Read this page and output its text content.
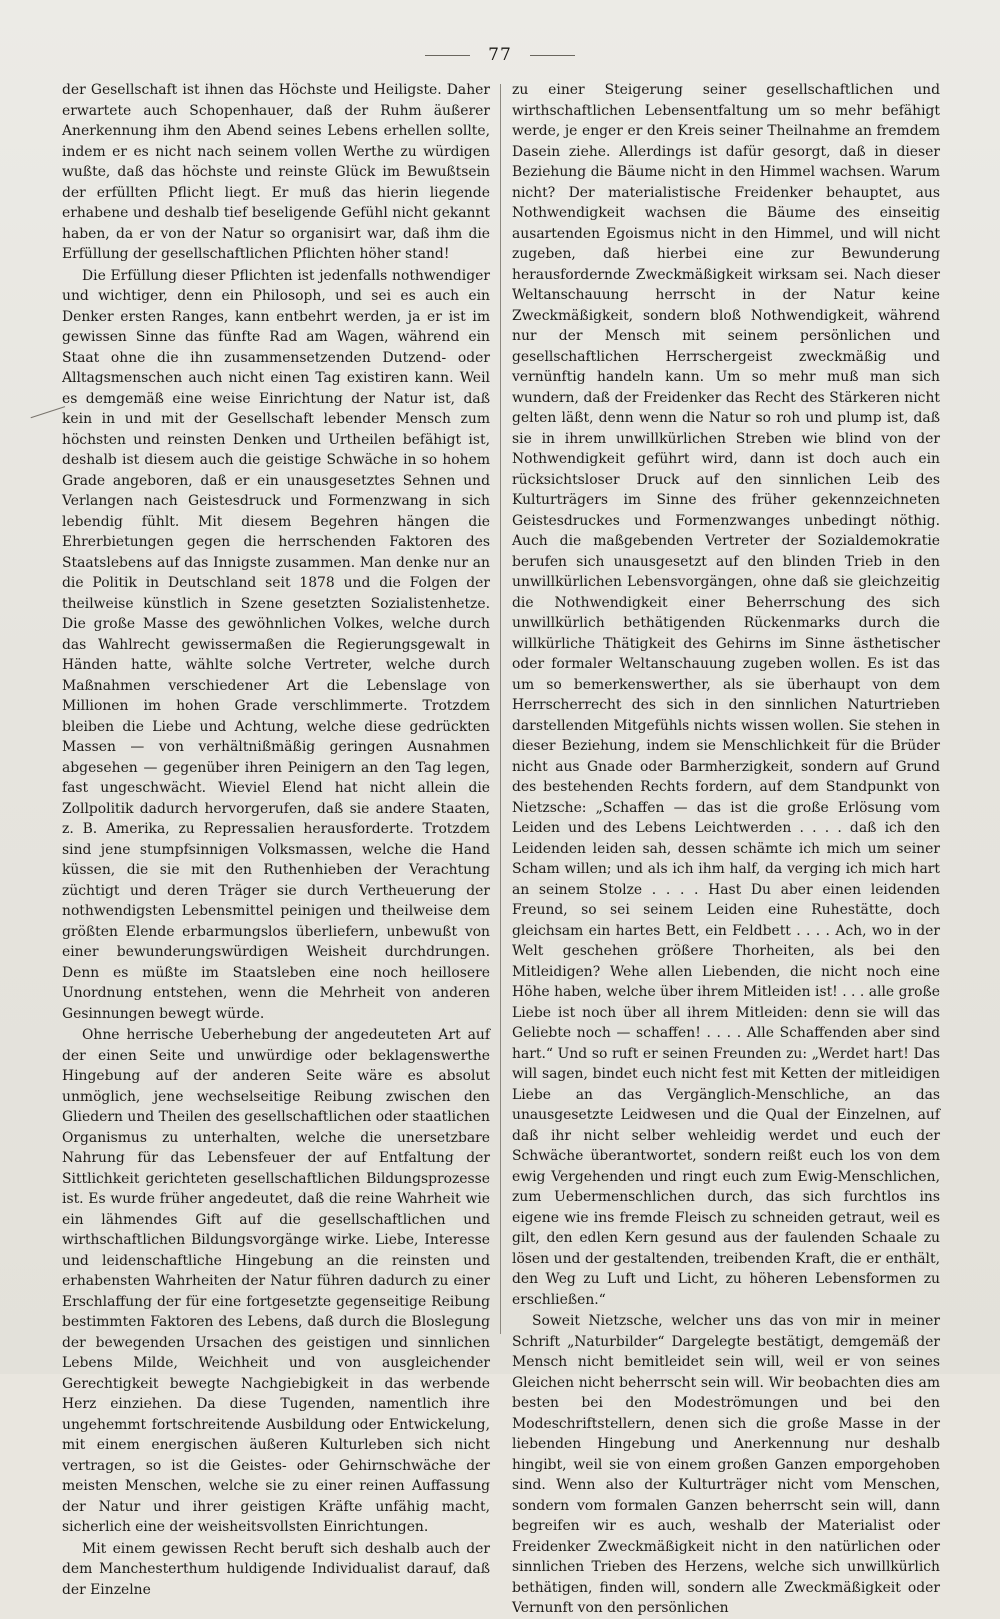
77

der Gesellschaft ist ihnen das Höchste und Heiligste. Daher erwartete auch Schopenhauer, daß der Ruhm äußerer Anerkennung ihm den Abend seines Lebens erhellen sollte, indem er es nicht nach seinem vollen Werthe zu würdigen wußte, daß das höchste und reinste Glück im Bewußtsein der erfüllten Pflicht liegt. Er muß das hierin liegende erhabene und deshalb tief beseligende Gefühl nicht gekannt haben, da er von der Natur so organisirt war, daß ihm die Erfüllung der gesellschaftlichen Pflichten höher stand!

Die Erfüllung dieser Pflichten ist jedenfalls nothwendiger und wichtiger, denn ein Philosoph, und sei es auch ein Denker ersten Ranges, kann entbehrt werden, ja er ist im gewissen Sinne das fünfte Rad am Wagen, während ein Staat ohne die ihn zusammensetzenden Dutzend- oder Alltagsmenschen auch nicht einen Tag existiren kann. Weil es demgemäß eine weise Einrichtung der Natur ist, daß kein in und mit der Gesellschaft lebender Mensch zum höchsten und reinsten Denken und Urtheilen befähigt ist, deshalb ist diesem auch die geistige Schwäche in so hohem Grade angeboren, daß er ein unausgesetztes Sehnen und Verlangen nach Geistesdruck und Formenzwang in sich lebendig fühlt. Mit diesem Begehren hängen die Ehrerbietungen gegen die herrschenden Faktoren des Staatslebens auf das Innigste zusammen. Man denke nur an die Politik in Deutschland seit 1878 und die Folgen der theilweise künstlich in Szene gesetzten Sozialistenhetze. Die große Masse des gewöhnlichen Volkes, welche durch das Wahlrecht gewissermaßen die Regierungsgewalt in Händen hatte, wählte solche Vertreter, welche durch Maßnahmen verschiedener Art die Lebenslage von Millionen im hohen Grade verschlimmerte. Trotzdem bleiben die Liebe und Achtung, welche diese gedrückten Massen — von verhältnißmäßig geringen Ausnahmen abgesehen — gegenüber ihren Peinigern an den Tag legen, fast ungeschwächt. Wieviel Elend hat nicht allein die Zollpolitik dadurch hervorgerufen, daß sie andere Staaten, z. B. Amerika, zu Repressalien herausforderte. Trotzdem sind jene stumpfsinnigen Volksmassen, welche die Hand küssen, die sie mit den Ruthenhieben der Verachtung züchtigt und deren Träger sie durch Vertheuerung der nothwendigsten Lebensmittel peinigen und theilweise dem größten Elende erbarmungslos überliefern, unbewußt von einer bewunderungswürdigen Weisheit durchdrungen. Denn es müßte im Staatsleben eine noch heillosere Unordnung entstehen, wenn die Mehrheit von anderen Gesinnungen bewegt würde.

Ohne herrische Ueberhebung der angedeuteten Art auf der einen Seite und unwürdige oder beklagenswerthe Hingebung auf der anderen Seite wäre es absolut unmöglich, jene wechselseitige Reibung zwischen den Gliedern und Theilen des gesellschaftlichen oder staatlichen Organismus zu unterhalten, welche die unersetzbare Nahrung für das Lebensfeuer der auf Entfaltung der Sittlichkeit gerichteten gesellschaftlichen Bildungsprozesse ist. Es wurde früher angedeutet, daß die reine Wahrheit wie ein lähmendes Gift auf die gesellschaftlichen und wirthschaftlichen Bildungsvorgänge wirke. Liebe, Interesse und leidenschaftliche Hingebung an die reinsten und erhabensten Wahrheiten der Natur führen dadurch zu einer Erschlaffung der für eine fortgesetzte gegenseitige Reibung bestimmten Faktoren des Lebens, daß durch die Bloslegung der bewegenden Ursachen des geistigen und sinnlichen Lebens Milde, Weichheit und von ausgleichender Gerechtigkeit bewegte Nachgiebigkeit in das werbende Herz einziehen. Da diese Tugenden, namentlich ihre ungehemmt fortschreitende Ausbildung oder Entwickelung, mit einem energischen äußeren Kulturleben sich nicht vertragen, so ist die Geistes- oder Gehirnschwäche der meisten Menschen, welche sie zu einer reinen Auffassung der Natur und ihrer geistigen Kräfte unfähig macht, sicherlich eine der weisheitsvollsten Einrichtungen.

Mit einem gewissen Recht beruft sich deshalb auch der dem Manchesterthum huldigende Individualist darauf, daß der Einzelne

zu einer Steigerung seiner gesellschaftlichen und wirthschaftlichen Lebensentfaltung um so mehr befähigt werde, je enger er den Kreis seiner Theilnahme an fremdem Dasein ziehe. Allerdings ist dafür gesorgt, daß in dieser Beziehung die Bäume nicht in den Himmel wachsen. Warum nicht? Der materialistische Freidenker behauptet, aus Nothwendigkeit wachsen die Bäume des einseitig ausartenden Egoismus nicht in den Himmel, und will nicht zugeben, daß hierbei eine zur Bewunderung herausfordernde Zweckmäßigkeit wirksam sei. Nach dieser Weltanschauung herrscht in der Natur keine Zweckmäßigkeit, sondern bloß Nothwendigkeit, während nur der Mensch mit seinem persönlichen und gesellschaftlichen Herrschergeist zweckmäßig und vernünftig handeln kann. Um so mehr muß man sich wundern, daß der Freidenker das Recht des Stärkeren nicht gelten läßt, denn wenn die Natur so roh und plump ist, daß sie in ihrem unwillkürlichen Streben wie blind von der Nothwendigkeit geführt wird, dann ist doch auch ein rücksichtsloser Druck auf den sinnlichen Leib des Kulturträgers im Sinne des früher gekennzeichneten Geistesdruckes und Formenzwanges unbedingt nöthig. Auch die maßgebenden Vertreter der Sozialdemokratie berufen sich unausgesetzt auf den blinden Trieb in den unwillkürlichen Lebensvorgängen, ohne daß sie gleichzeitig die Nothwendigkeit einer Beherrschung des sich unwillkürlich bethätigenden Rückenmarks durch die willkürliche Thätigkeit des Gehirns im Sinne ästhetischer oder formaler Weltanschauung zugeben wollen. Es ist das um so bemerkenswerther, als sie überhaupt von dem Herrscherrecht des sich in den sinnlichen Naturtrieben darstellenden Mitgefühls nichts wissen wollen. Sie stehen in dieser Beziehung, indem sie Menschlichkeit für die Brüder nicht aus Gnade oder Barmherzigkeit, sondern auf Grund des bestehenden Rechts fordern, auf dem Standpunkt von Nietzsche: „Schaffen — das ist die große Erlösung vom Leiden und des Lebens Leichtwerden . . . . daß ich den Leidenden leiden sah, dessen schämte ich mich um seiner Scham willen; und als ich ihm half, da verging ich mich hart an seinem Stolze . . . . Hast Du aber einen leidenden Freund, so sei seinem Leiden eine Ruhestätte, doch gleichsam ein hartes Bett, ein Feldbett . . . . Ach, wo in der Welt geschehen größere Thorheiten, als bei den Mitleidigen? Wehe allen Liebenden, die nicht noch eine Höhe haben, welche über ihrem Mitleiden ist! . . . alle große Liebe ist noch über all ihrem Mitleiden: denn sie will das Geliebte noch — schaffen! . . . . Alle Schaffenden aber sind hart.“ Und so ruft er seinen Freunden zu: „Werdet hart! Das will sagen, bindet euch nicht fest mit Ketten der mitleidigen Liebe an das Vergänglich-Menschliche, an das unausgesetzte Leidwesen und die Qual der Einzelnen, auf daß ihr nicht selber wehleidig werdet und euch der Schwäche überantwortet, sondern reißt euch los von dem ewig Vergehenden und ringt euch zum Ewig-Menschlichen, zum Uebermenschlichen durch, das sich furchtlos ins eigene wie ins fremde Fleisch zu schneiden getraut, weil es gilt, den edlen Kern gesund aus der faulenden Schaale zu lösen und der gestaltenden, treibenden Kraft, die er enthält, den Weg zu Luft und Licht, zu höheren Lebensformen zu erschließen.“

Soweit Nietzsche, welcher uns das von mir in meiner Schrift „Naturbilder“ Dargelegte bestätigt, demgemäß der Mensch nicht bemitleidet sein will, weil er von seines Gleichen nicht beherrscht sein will. Wir beobachten dies am besten bei den Modeströmungen und bei den Modeschriftstellern, denen sich die große Masse in der liebenden Hingebung und Anerkennung nur deshalb hingibt, weil sie von einem großen Ganzen emporgehoben sind. Wenn also der Kulturträger nicht vom Menschen, sondern vom formalen Ganzen beherrscht sein will, dann begreifen wir es auch, weshalb der Materialist oder Freidenker Zweckmäßigkeit nicht in den natürlichen oder sinnlichen Trieben des Herzens, welche sich unwillkürlich bethätigen, finden will, sondern alle Zweckmäßigkeit oder Vernunft von den persönlichen
